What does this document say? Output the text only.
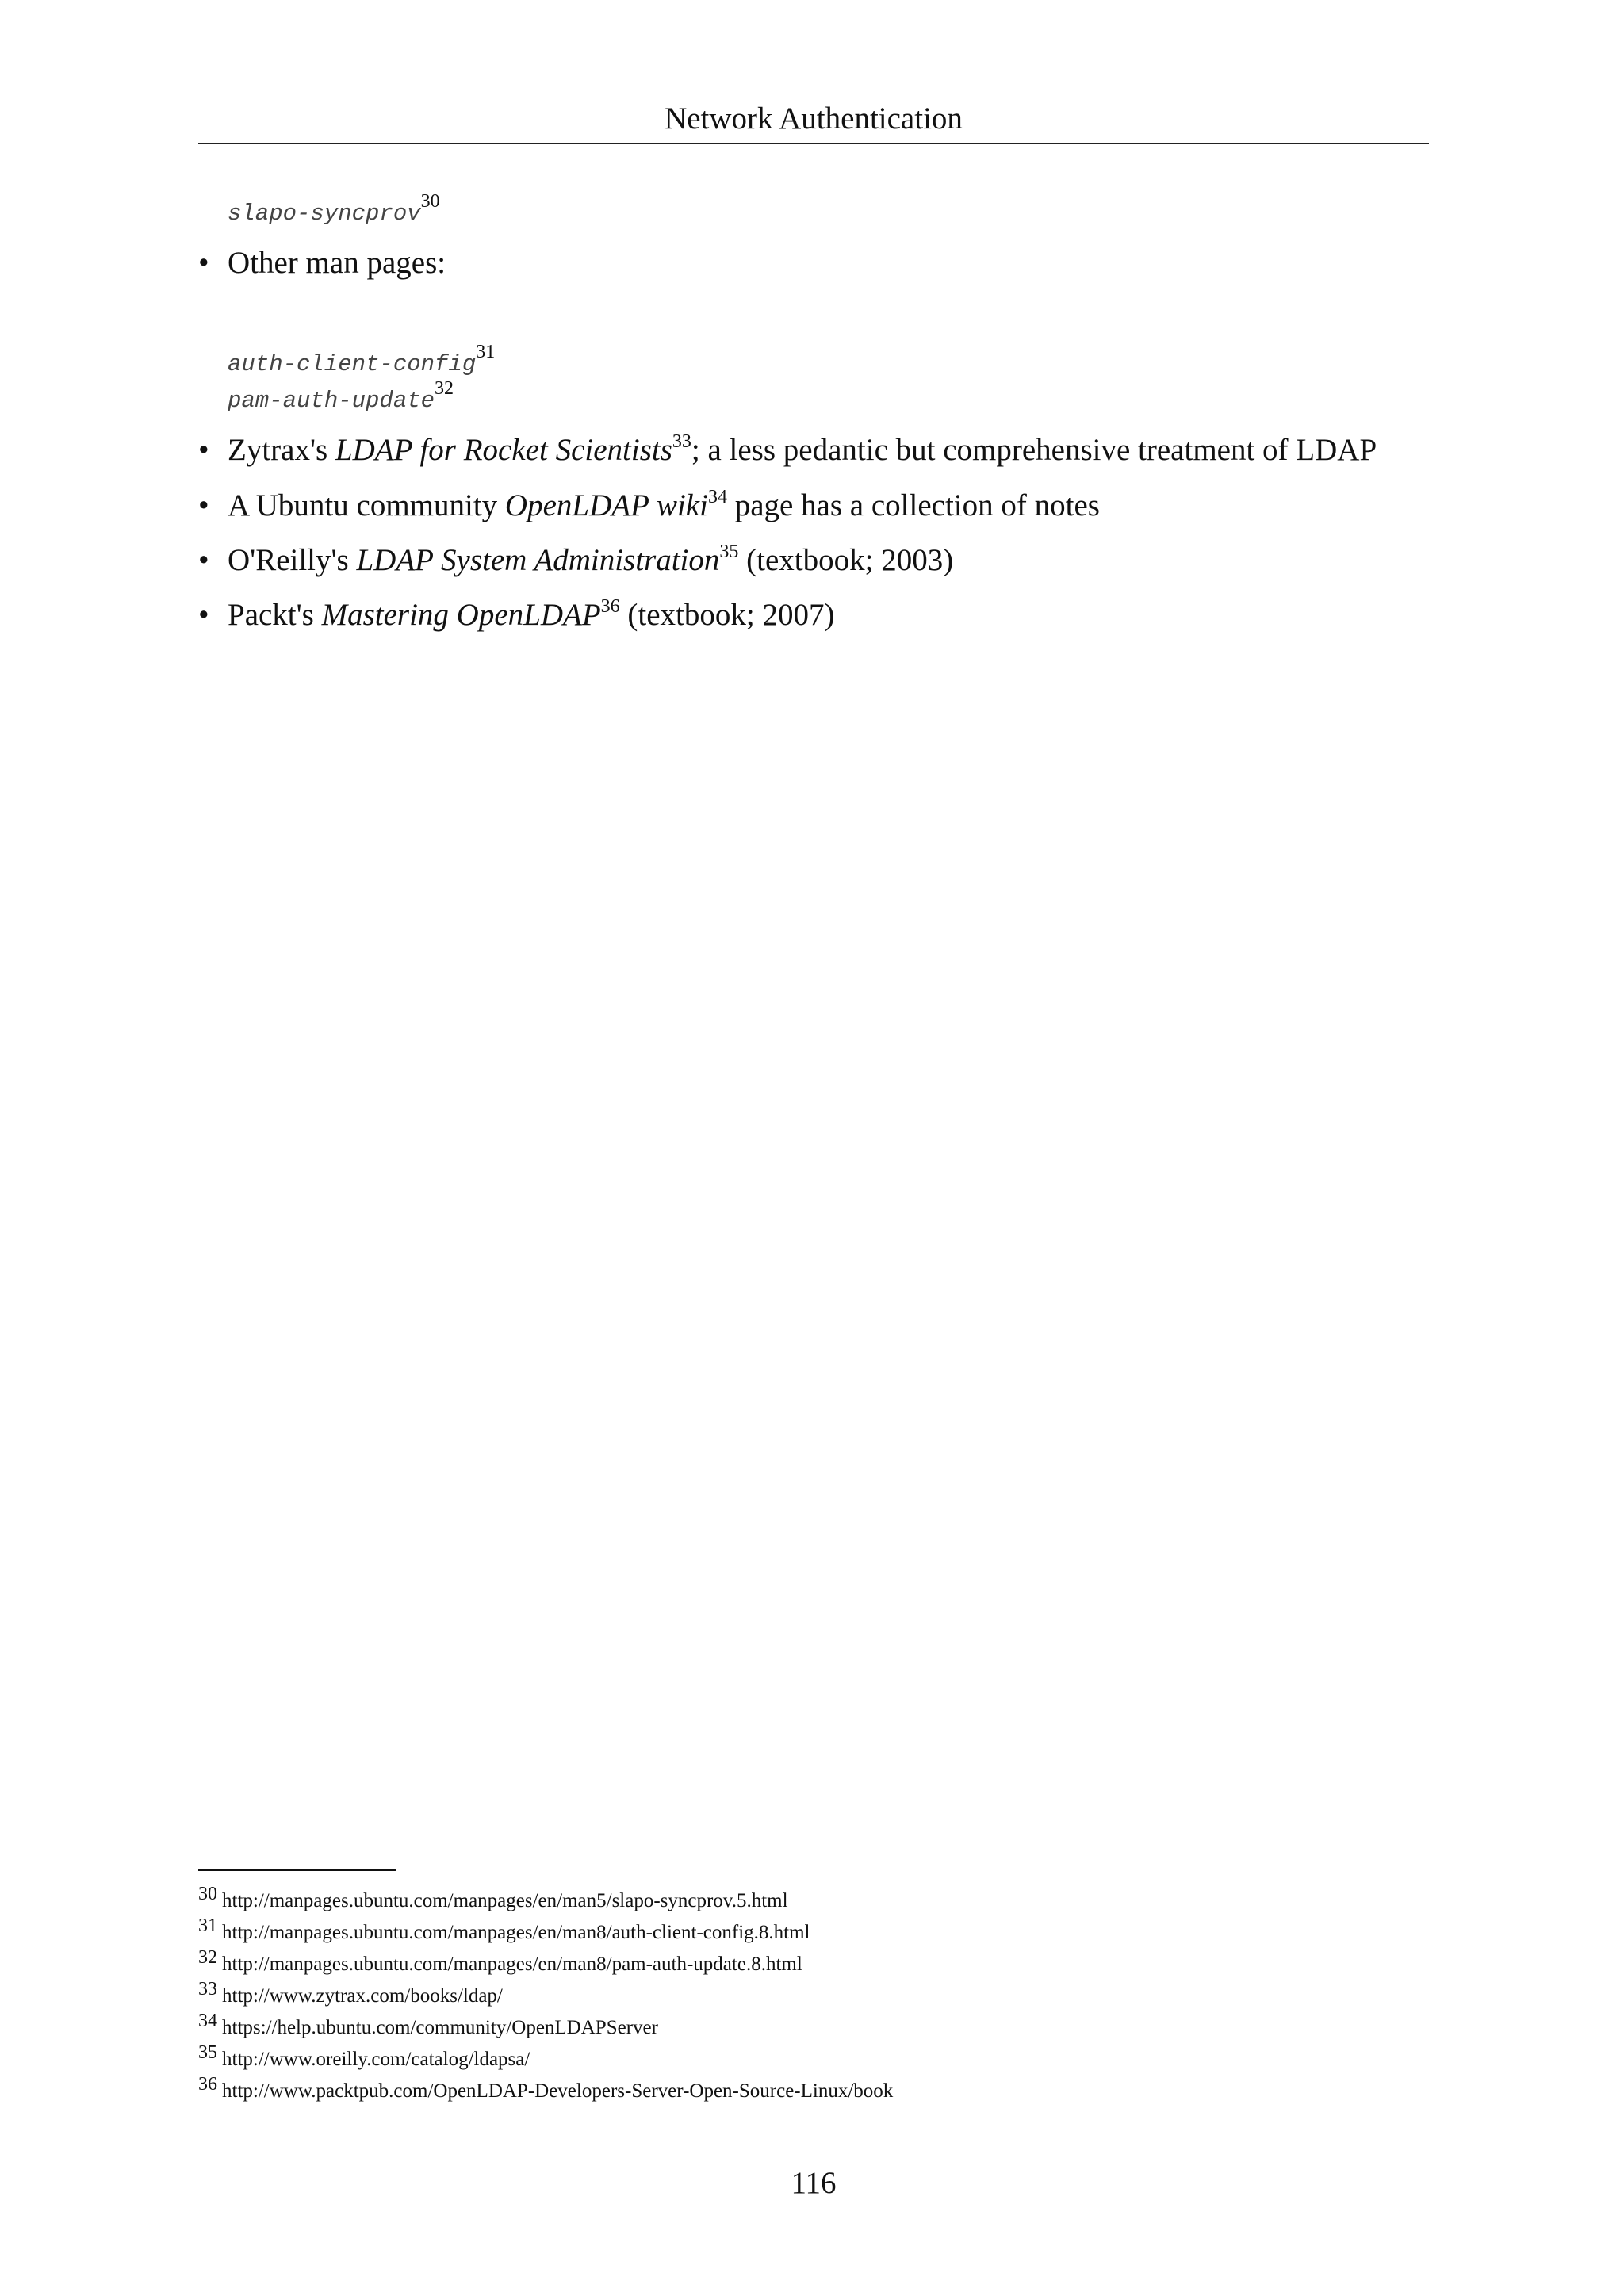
Network Authentication
slapo-syncprov$^{30}$
• Other man pages:
auth-client-config$^{31}$
pam-auth-update$^{32}$
• Zytrax's LDAP for Rocket Scientists$^{33}$; a less pedantic but comprehensive treatment of LDAP
• A Ubuntu community OpenLDAP wiki$^{34}$ page has a collection of notes
• O'Reilly's LDAP System Administration$^{35}$ (textbook; 2003)
• Packt's Mastering OpenLDAP$^{36}$ (textbook; 2007)
30 http://manpages.ubuntu.com/manpages/en/man5/slapo-syncprov.5.html
31 http://manpages.ubuntu.com/manpages/en/man8/auth-client-config.8.html
32 http://manpages.ubuntu.com/manpages/en/man8/pam-auth-update.8.html
33 http://www.zytrax.com/books/ldap/
34 https://help.ubuntu.com/community/OpenLDAPServer
35 http://www.oreilly.com/catalog/ldapsa/
36 http://www.packtpub.com/OpenLDAP-Developers-Server-Open-Source-Linux/book
116
